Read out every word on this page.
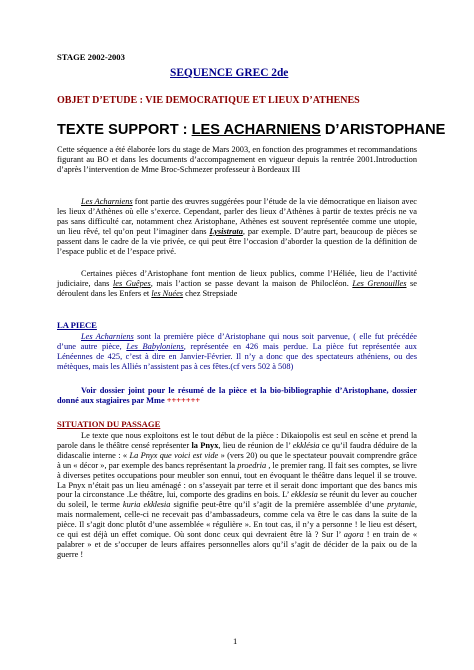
STAGE 2002-2003
SEQUENCE GREC 2de
OBJET D’ETUDE : VIE DEMOCRATIQUE ET LIEUX D’ATHENES
TEXTE SUPPORT : LES ACHARNIENS D’ARISTOPHANE

Cette séquence a été élaborée lors du stage de Mars 2003, en fonction des programmes et recommandations figurant au BO et dans les documents d’accompagnement en vigueur depuis la rentrée 2001.Introduction d’après l’intervention de Mme Broc-Schmezer professeur à Bordeaux III

Les Acharniens font partie des œuvres suggérées pour l’étude de la vie démocratique en liaison avec les lieux d’Athènes où elle s’exerce. Cependant, parler des lieux d’Athènes à partir de textes précis ne va pas sans difficulté car, notamment chez Aristophane, Athènes est souvent représentée comme une utopie, un lieu rêvé, tel qu’on peut l’imaginer dans Lysistrata, par exemple. D’autre part, beaucoup de pièces se passent dans le cadre de la vie privée, ce qui peut être l’occasion d’aborder la question de la définition de l’espace public et de l’espace privé.

Certaines pièces d’Aristophane font mention de lieux publics, comme l’Héliée, lieu de l’activité judiciaire, dans les Guêpes, mais l’action se passe devant la maison de Philocléon. Les Grenouilles se déroulent dans les Enfers et les Nuées chez Strepsiade

LA PIECE

Les Acharniens sont la première pièce d’Aristophane qui nous soit parvenue, ( elle fut précédée d’une autre pièce, Les Babyloniens, représentée en 426 mais perdue. La pièce fut représentée aux Lénéennes de 425, c’est à dire en Janvier-Février. Il n’y a donc que des spectateurs athéniens, ou des métèques, mais les Alliés n’assistent pas à ces fêtes.(cf vers 502 à 508)

Voir dossier joint pour le résumé de la pièce et la bio-bibliographie d’Aristophane, dossier donné aux stagiaires par Mme +++++++

SITUATION DU PASSAGE

Le texte que nous exploitons est le tout début de la pièce : Dikaiopolis est seul en scène et prend la parole dans le théâtre censé représenter la Pnyx, lieu de réunion de l’ ekklésia ce qu’il faudra déduire de la didascalie interne : « La Pnyx que voici est vide » (vers 20) ou que le spectateur pouvait comprendre grâce à un « décor », par exemple des bancs représentant la proedria , le premier rang. Il fait ses comptes, se livre à diverses petites occupations pour meubler son ennui, tout en évoquant le théâtre dans lequel il se trouve. La Pnyx n’était pas un lieu aménagé : on s’asseyait par terre et il serait donc important que des bancs mis pour la circonstance .Le théâtre, lui, comporte des gradins en bois. L’ ekklesia se réunit du lever au coucher du soleil, le terme kuria ekklesia signifie peut-être qu’il s’agit de la première assemblée d’une prytanie, mais normalement, celle-ci ne recevait pas d’ambassadeurs, comme cela va être le cas dans la suite de la pièce. Il s’agit donc plutôt d’une assemblée « régulière ». En tout cas, il n’y a personne ! le lieu est désert, ce qui est déjà un effet comique. Où sont donc ceux qui devraient être là ? Sur l’ agora ! en train de « palabrer » et de s’occuper de leurs affaires personnelles alors qu’il s’agit de décider de la paix ou de la guerre !

1
